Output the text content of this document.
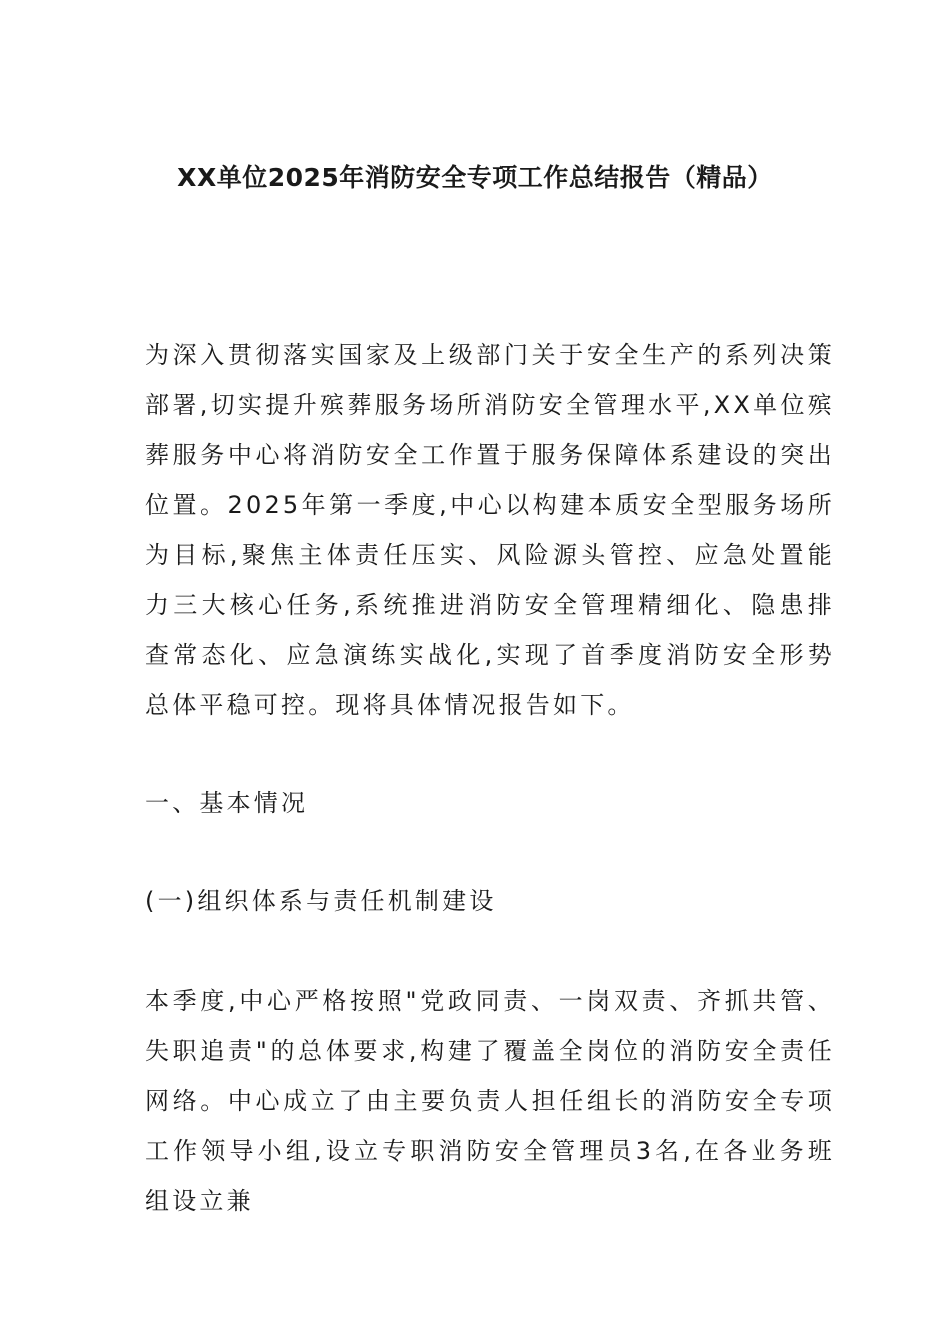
XX单位2025年消防安全专项工作总结报告（精品）

为深入贯彻落实国家及上级部门关于安全生产的系列决策部署,切实提升殡葬服务场所消防安全管理水平,XX单位殡葬服务中心将消防安全工作置于服务保障体系建设的突出位置。2025年第一季度,中心以构建本质安全型服务场所为目标,聚焦主体责任压实、风险源头管控、应急处置能力三大核心任务,系统推进消防安全管理精细化、隐患排查常态化、应急演练实战化,实现了首季度消防安全形势总体平稳可控。现将具体情况报告如下。

一、基本情况

(一)组织体系与责任机制建设

本季度,中心严格按照"党政同责、一岗双责、齐抓共管、失职追责"的总体要求,构建了覆盖全岗位的消防安全责任网络。中心成立了由主要负责人担任组长的消防安全专项工作领导小组,设立专职消防安全管理员3名,在各业务班组设立兼
